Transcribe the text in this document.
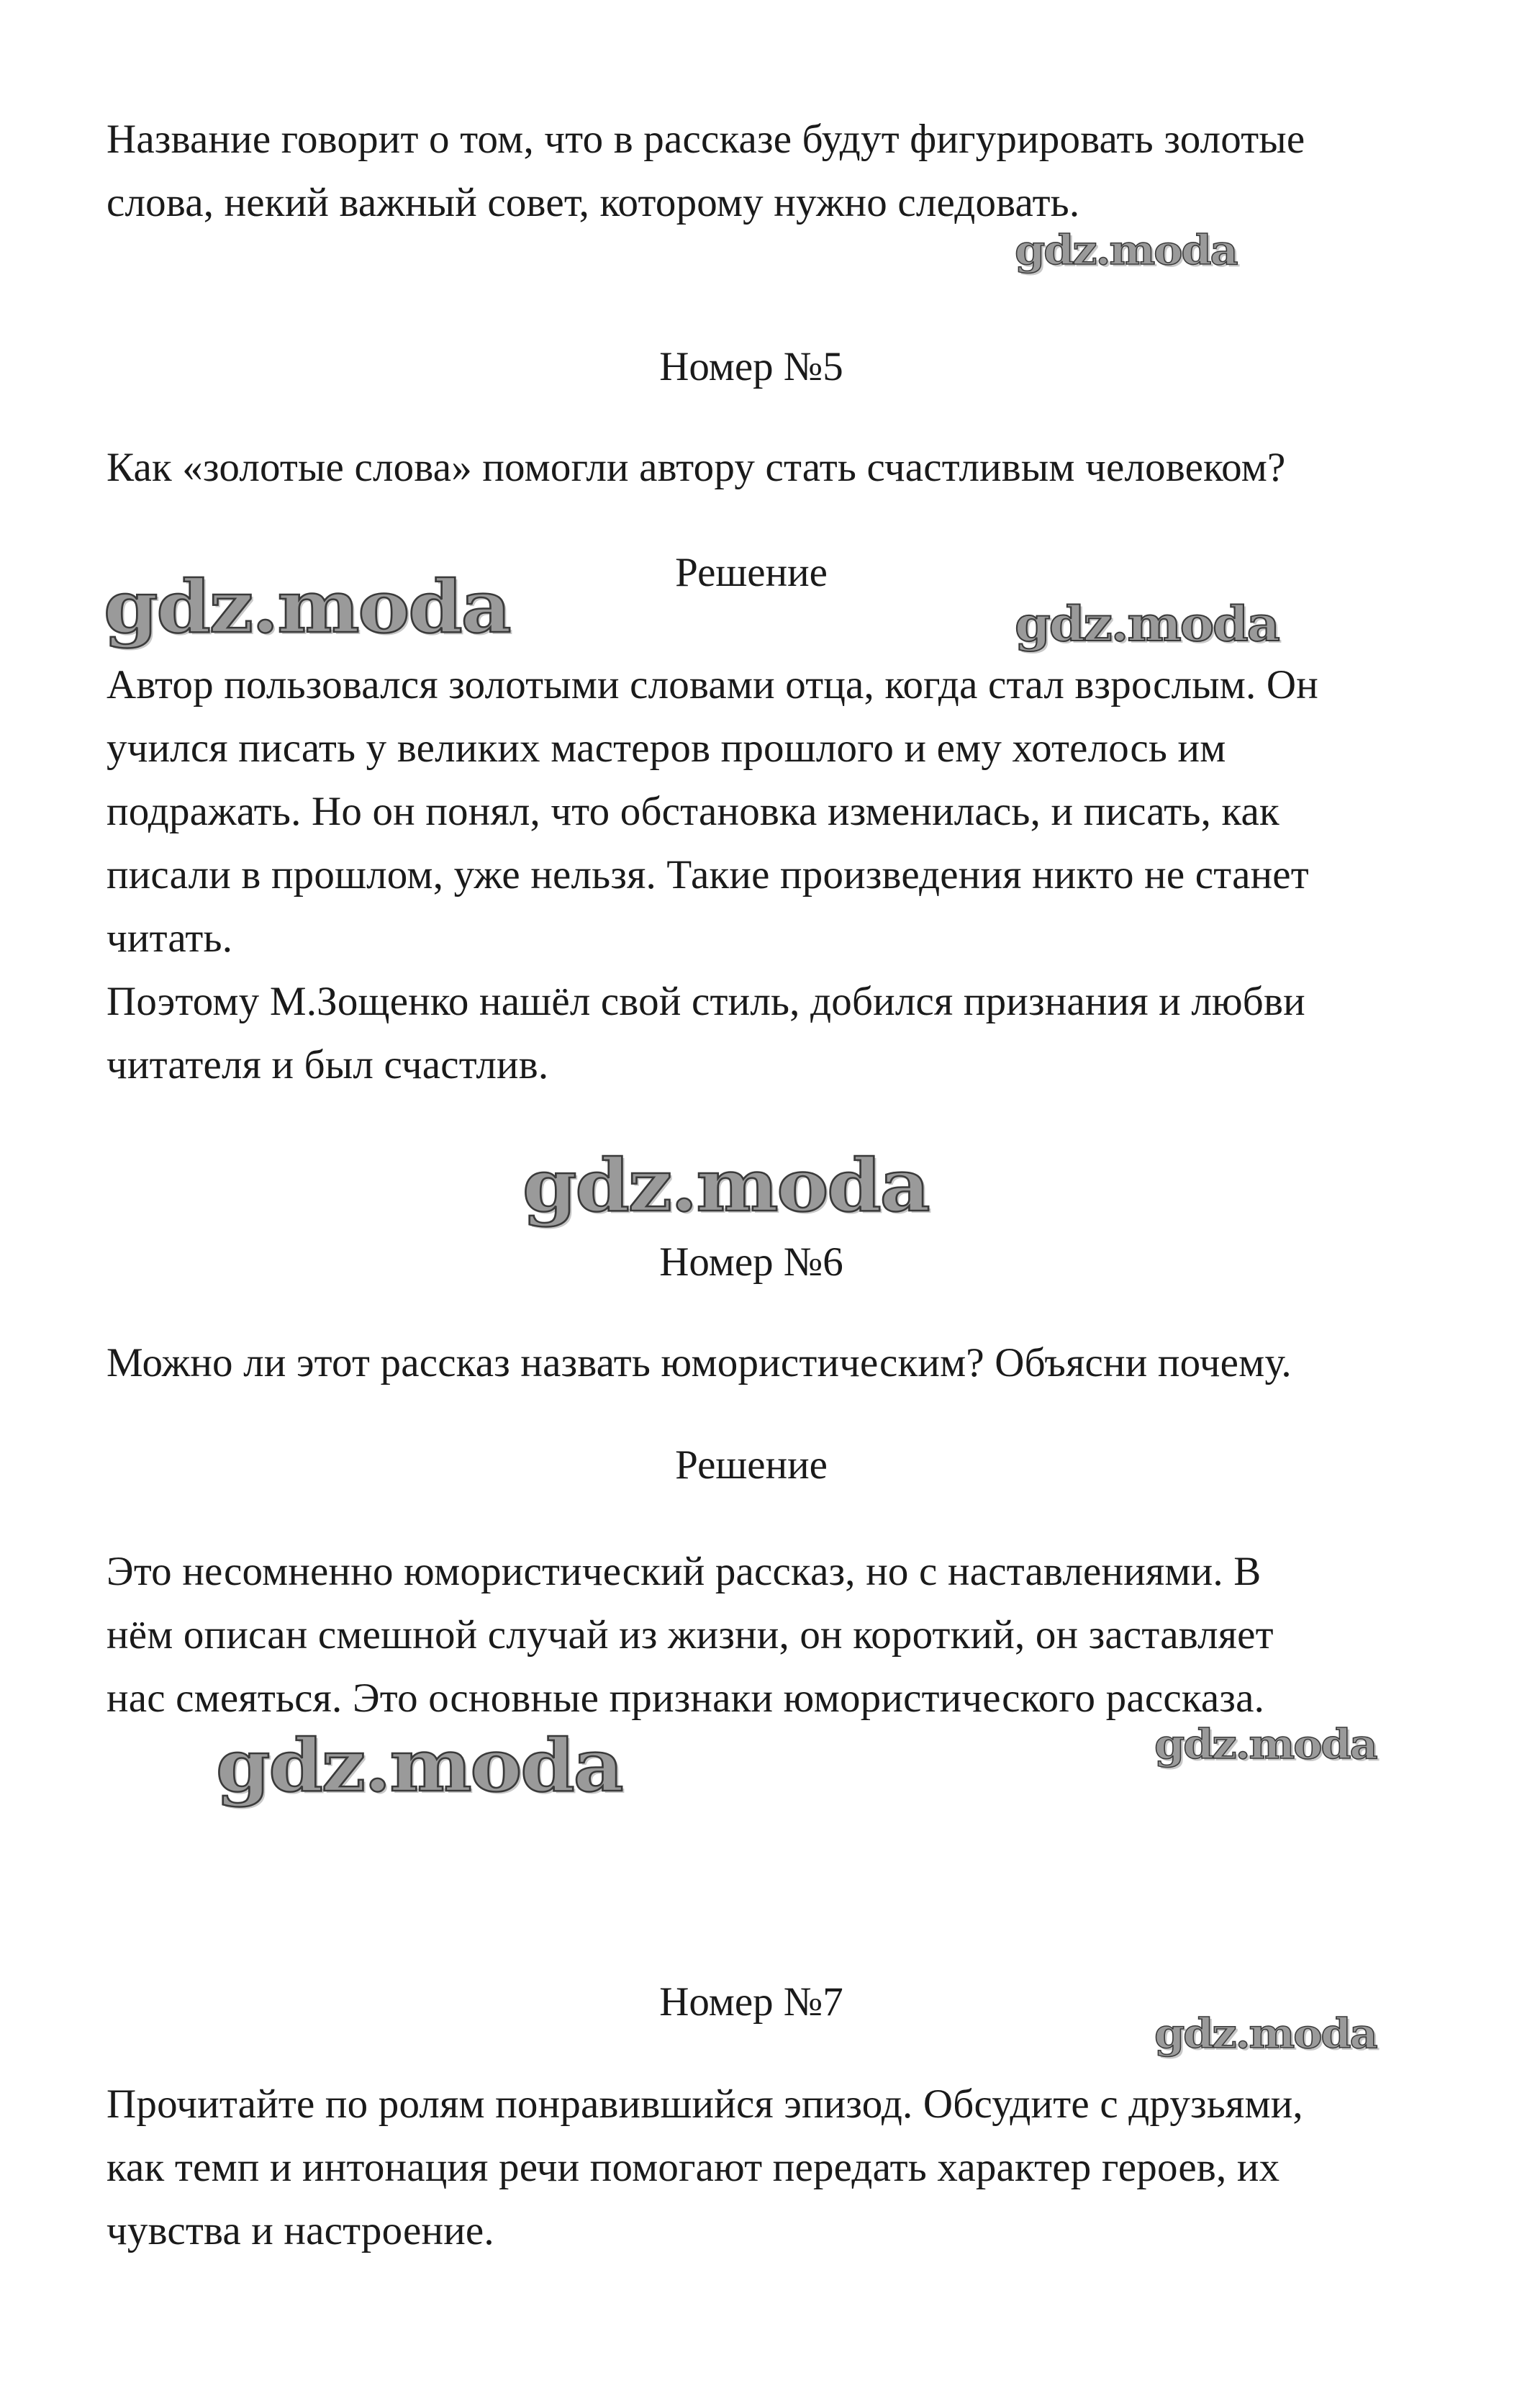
Название говорит о том, что в рассказе будут фигурировать золотые
слова, некий важный совет, которому нужно следовать.
Номер №5
Как «золотые слова» помогли автору стать счастливым человеком?
Решение
Автор пользовался золотыми словами отца, когда стал взрослым. Он
учился писать у великих мастеров прошлого и ему хотелось им
подражать. Но он понял, что обстановка изменилась, и писать, как
писали в прошлом, уже нельзя. Такие произведения никто не станет
читать.
Поэтому М.Зощенко нашёл свой стиль, добился признания и любви
читателя и был счастлив.
Номер №6
Можно ли этот рассказ назвать юмористическим? Объясни почему.
Решение
Это несомненно юмористический рассказ, но с наставлениями. В
нём описан смешной случай из жизни, он короткий, он заставляет
нас смеяться. Это основные признаки юмористического рассказа.
Номер №7
Прочитайте по ролям понравившийся эпизод. Обсудите с друзьями,
как темп и интонация речи помогают передать характер героев, их
чувства и настроение.
gdz.moda
gdz.moda	gdz.moda
gdz.moda
gdz.moda	gdz.moda
gdz.moda
